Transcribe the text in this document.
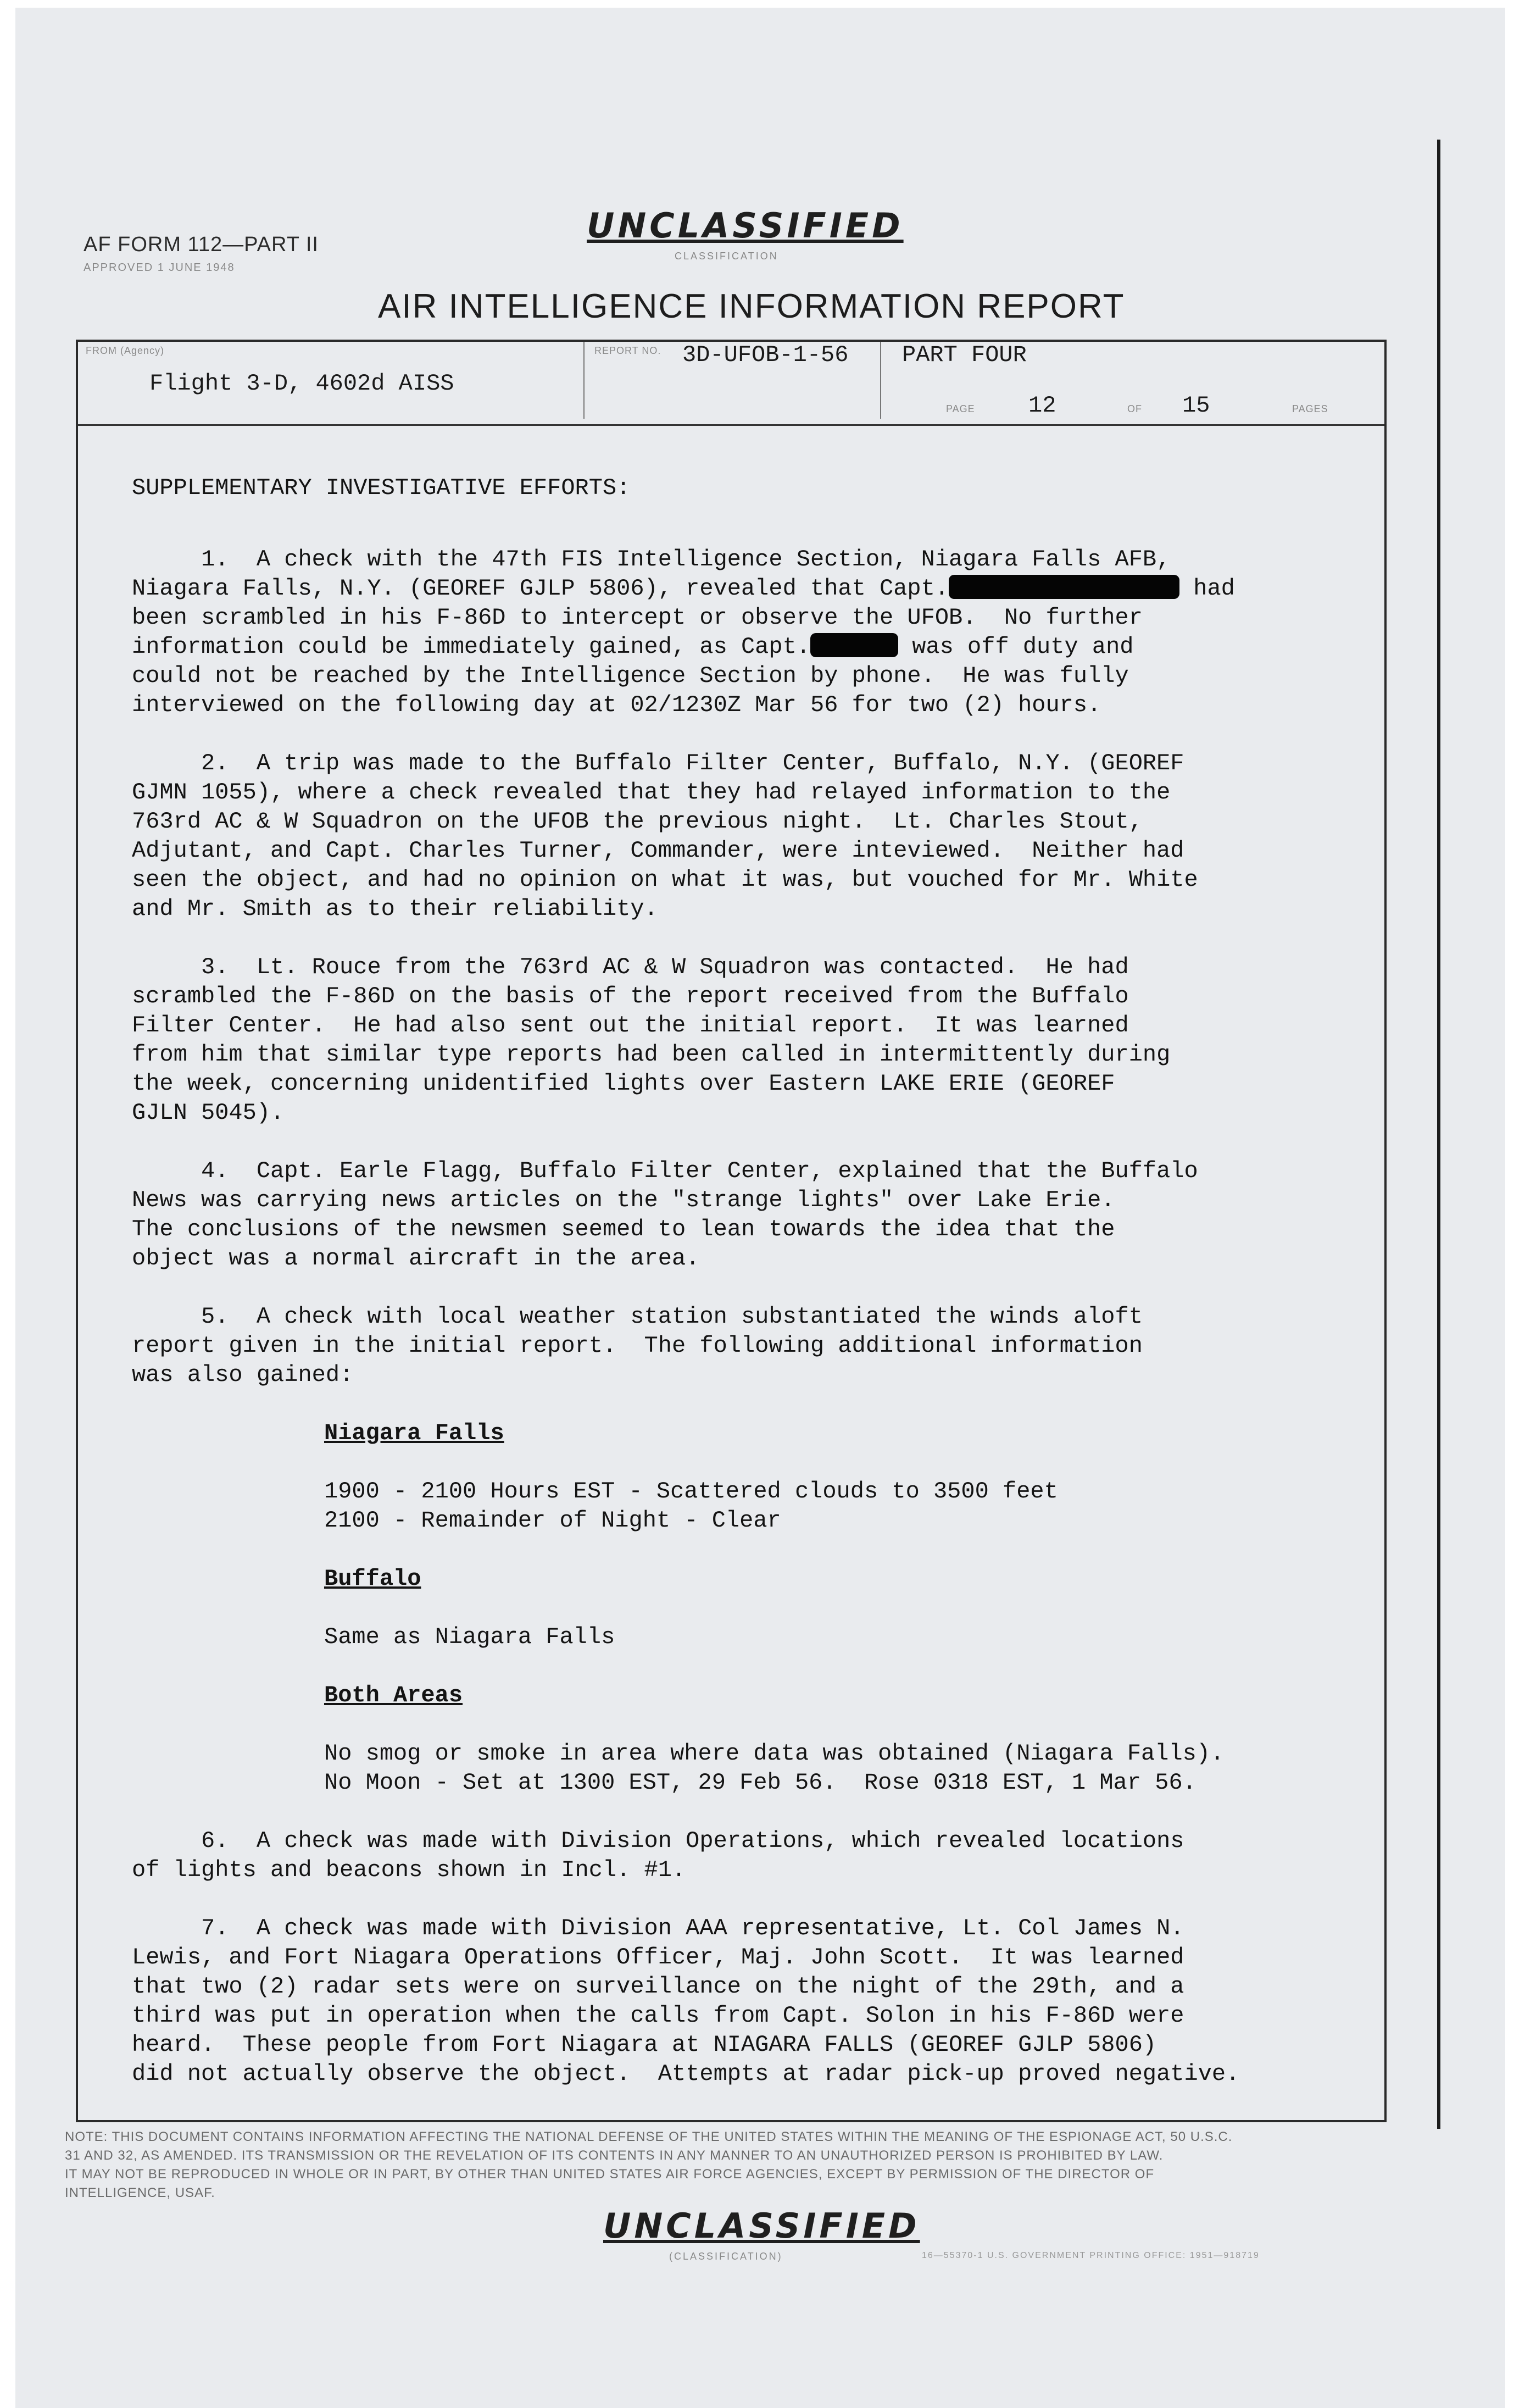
AF FORM 112—PART II
APPROVED 1 JUNE 1948
UNCLASSIFIED
CLASSIFICATION
AIR INTELLIGENCE INFORMATION REPORT
FROM (Agency)
Flight 3-D, 4602d AISS
REPORT NO. 3D-UFOB-1-56 PART FOUR
PAGE 12	OF 15	PAGES
SUPPLEMENTARY INVESTIGATIVE EFFORTS:
1.  A check with the 47th FIS Intelligence Section, Niagara Falls AFB,
Niagara Falls, N.Y. (GEOREF GJLP 5806), revealed that Capt.	had
been scrambled in his F-86D to intercept or observe the UFOB.  No further
information could be immediately gained, as Capt.	was off duty and
could not be reached by the Intelligence Section by phone.  He was fully
interviewed on the following day at 02/1230Z Mar 56 for two (2) hours.
2.  A trip was made to the Buffalo Filter Center, Buffalo, N.Y. (GEOREF
GJMN 1055), where a check revealed that they had relayed information to the
763rd AC & W Squadron on the UFOB the previous night.  Lt. Charles Stout,
Adjutant, and Capt. Charles Turner, Commander, were inteviewed.  Neither had
seen the object, and had no opinion on what it was, but vouched for Mr. White
and Mr. Smith as to their reliability.
3.  Lt. Rouce from the 763rd AC & W Squadron was contacted.  He had
scrambled the F-86D on the basis of the report received from the Buffalo
Filter Center.  He had also sent out the initial report.  It was learned
from him that similar type reports had been called in intermittently during
the week, concerning unidentified lights over Eastern LAKE ERIE (GEOREF
GJLN 5045).
4.  Capt. Earle Flagg, Buffalo Filter Center, explained that the Buffalo
News was carrying news articles on the "strange lights" over Lake Erie.
The conclusions of the newsmen seemed to lean towards the idea that the
object was a normal aircraft in the area.
5.  A check with local weather station substantiated the winds aloft
report given in the initial report.  The following additional information
was also gained:
Niagara Falls
1900 - 2100 Hours EST - Scattered clouds to 3500 feet
2100 - Remainder of Night - Clear
Buffalo
Same as Niagara Falls
Both Areas
No smog or smoke in area where data was obtained (Niagara Falls).
No Moon - Set at 1300 EST, 29 Feb 56.  Rose 0318 EST, 1 Mar 56.
6.  A check was made with Division Operations, which revealed locations
of lights and beacons shown in Incl. #1.
7.  A check was made with Division AAA representative, Lt. Col James N.
Lewis, and Fort Niagara Operations Officer, Maj. John Scott.  It was learned
that two (2) radar sets were on surveillance on the night of the 29th, and a
third was put in operation when the calls from Capt. Solon in his F-86D were
heard.  These people from Fort Niagara at NIAGARA FALLS (GEOREF GJLP 5806)
did not actually observe the object.  Attempts at radar pick-up proved negative.
NOTE: THIS DOCUMENT CONTAINS INFORMATION AFFECTING THE NATIONAL DEFENSE OF THE UNITED STATES WITHIN THE MEANING OF THE ESPIONAGE ACT, 50 U.S.C.
31 AND 32, AS AMENDED. ITS TRANSMISSION OR THE REVELATION OF ITS CONTENTS IN ANY MANNER TO AN UNAUTHORIZED PERSON IS PROHIBITED BY LAW.
IT MAY NOT BE REPRODUCED IN WHOLE OR IN PART, BY OTHER THAN UNITED STATES AIR FORCE AGENCIES, EXCEPT BY PERMISSION OF THE DIRECTOR OF
INTELLIGENCE, USAF.
UNCLASSIFIED
(CLASSIFICATION)	16—55370-1 U.S. GOVERNMENT PRINTING OFFICE: 1951—918719
